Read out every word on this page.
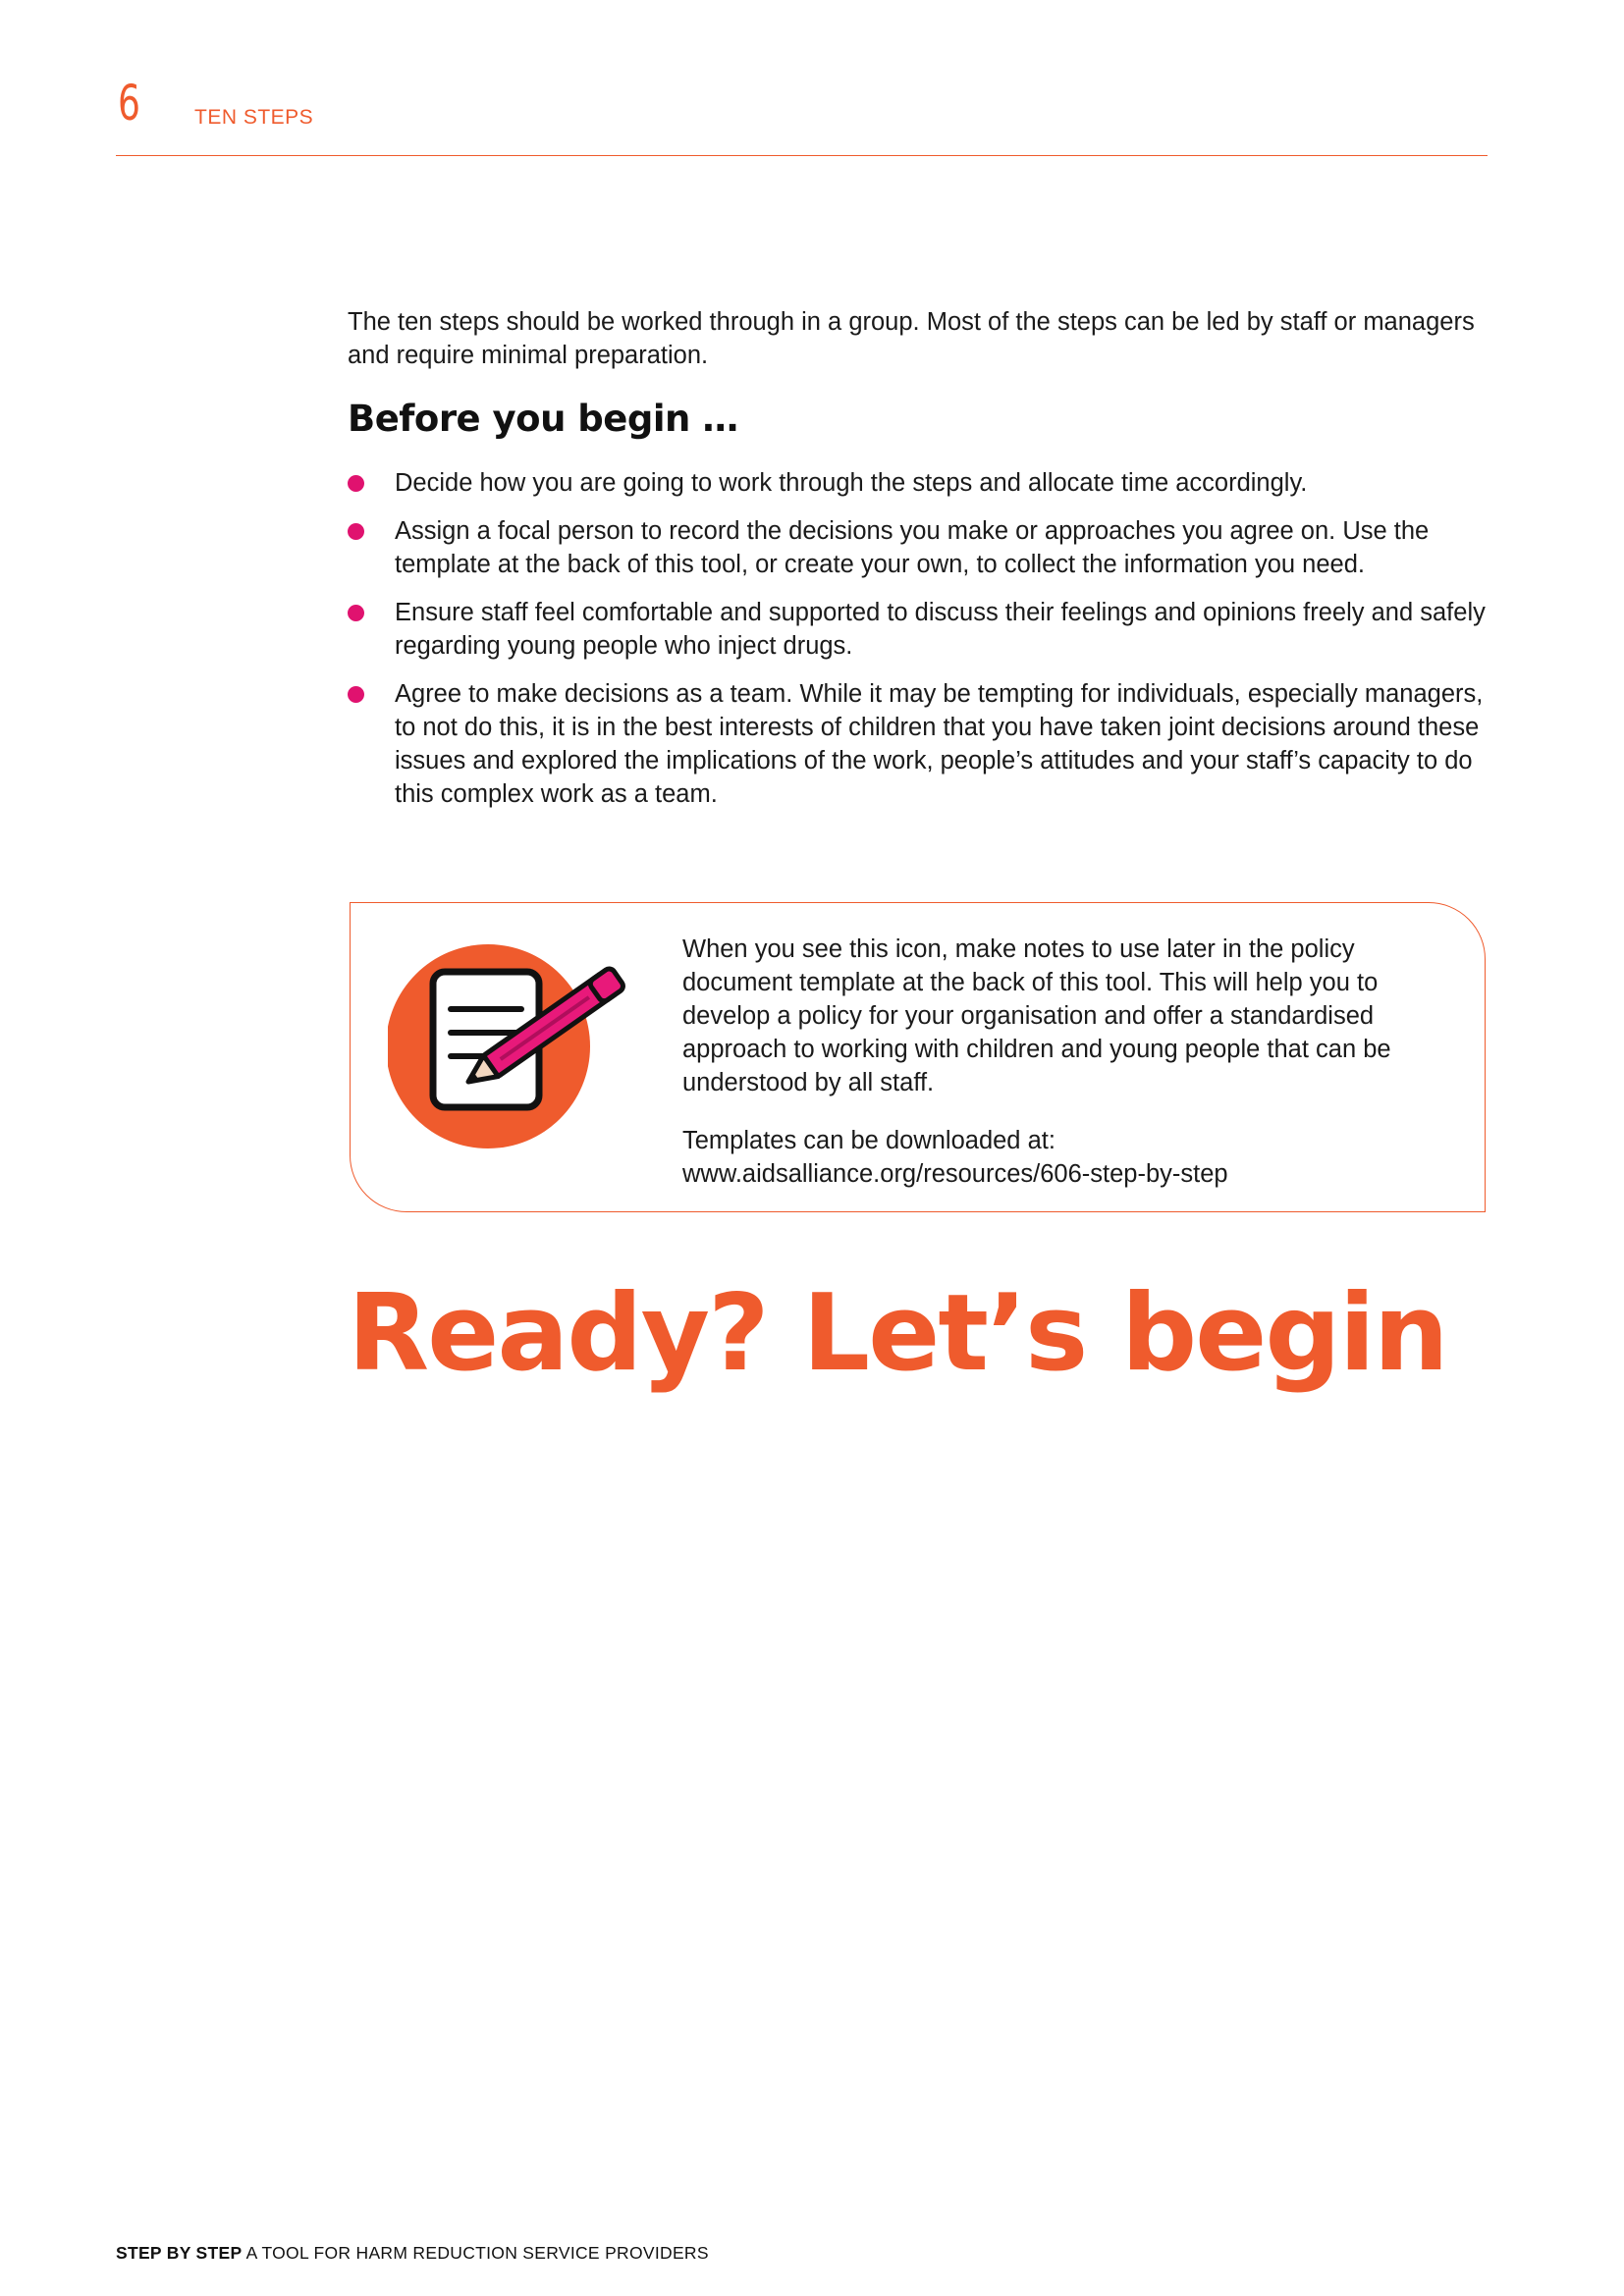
6	TEN STEPS

The ten steps should be worked through in a group. Most of the steps can be led by staff or managers and require minimal preparation.

Before you begin …
Decide how you are going to work through the steps and allocate time accordingly.
Assign a focal person to record the decisions you make or approaches you agree on. Use the template at the back of this tool, or create your own, to collect the information you need.
Ensure staff feel comfortable and supported to discuss their feelings and opinions freely and safely regarding young people who inject drugs.
Agree to make decisions as a team. While it may be tempting for individuals, especially managers, to not do this, it is in the best interests of children that you have taken joint decisions around these issues and explored the implications of the work, people’s attitudes and your staff’s capacity to do this complex work as a team.

When you see this icon, make notes to use later in the policy document template at the back of this tool. This will help you to develop a policy for your organisation and offer a standardised approach to working with children and young people that can be understood by all staff.

Templates can be downloaded at:

www.aidsalliance.org/resources/606-step-by-step
Ready? Let’s begin
STEP BY STEP A TOOL FOR HARM REDUCTION SERVICE PROVIDERS
